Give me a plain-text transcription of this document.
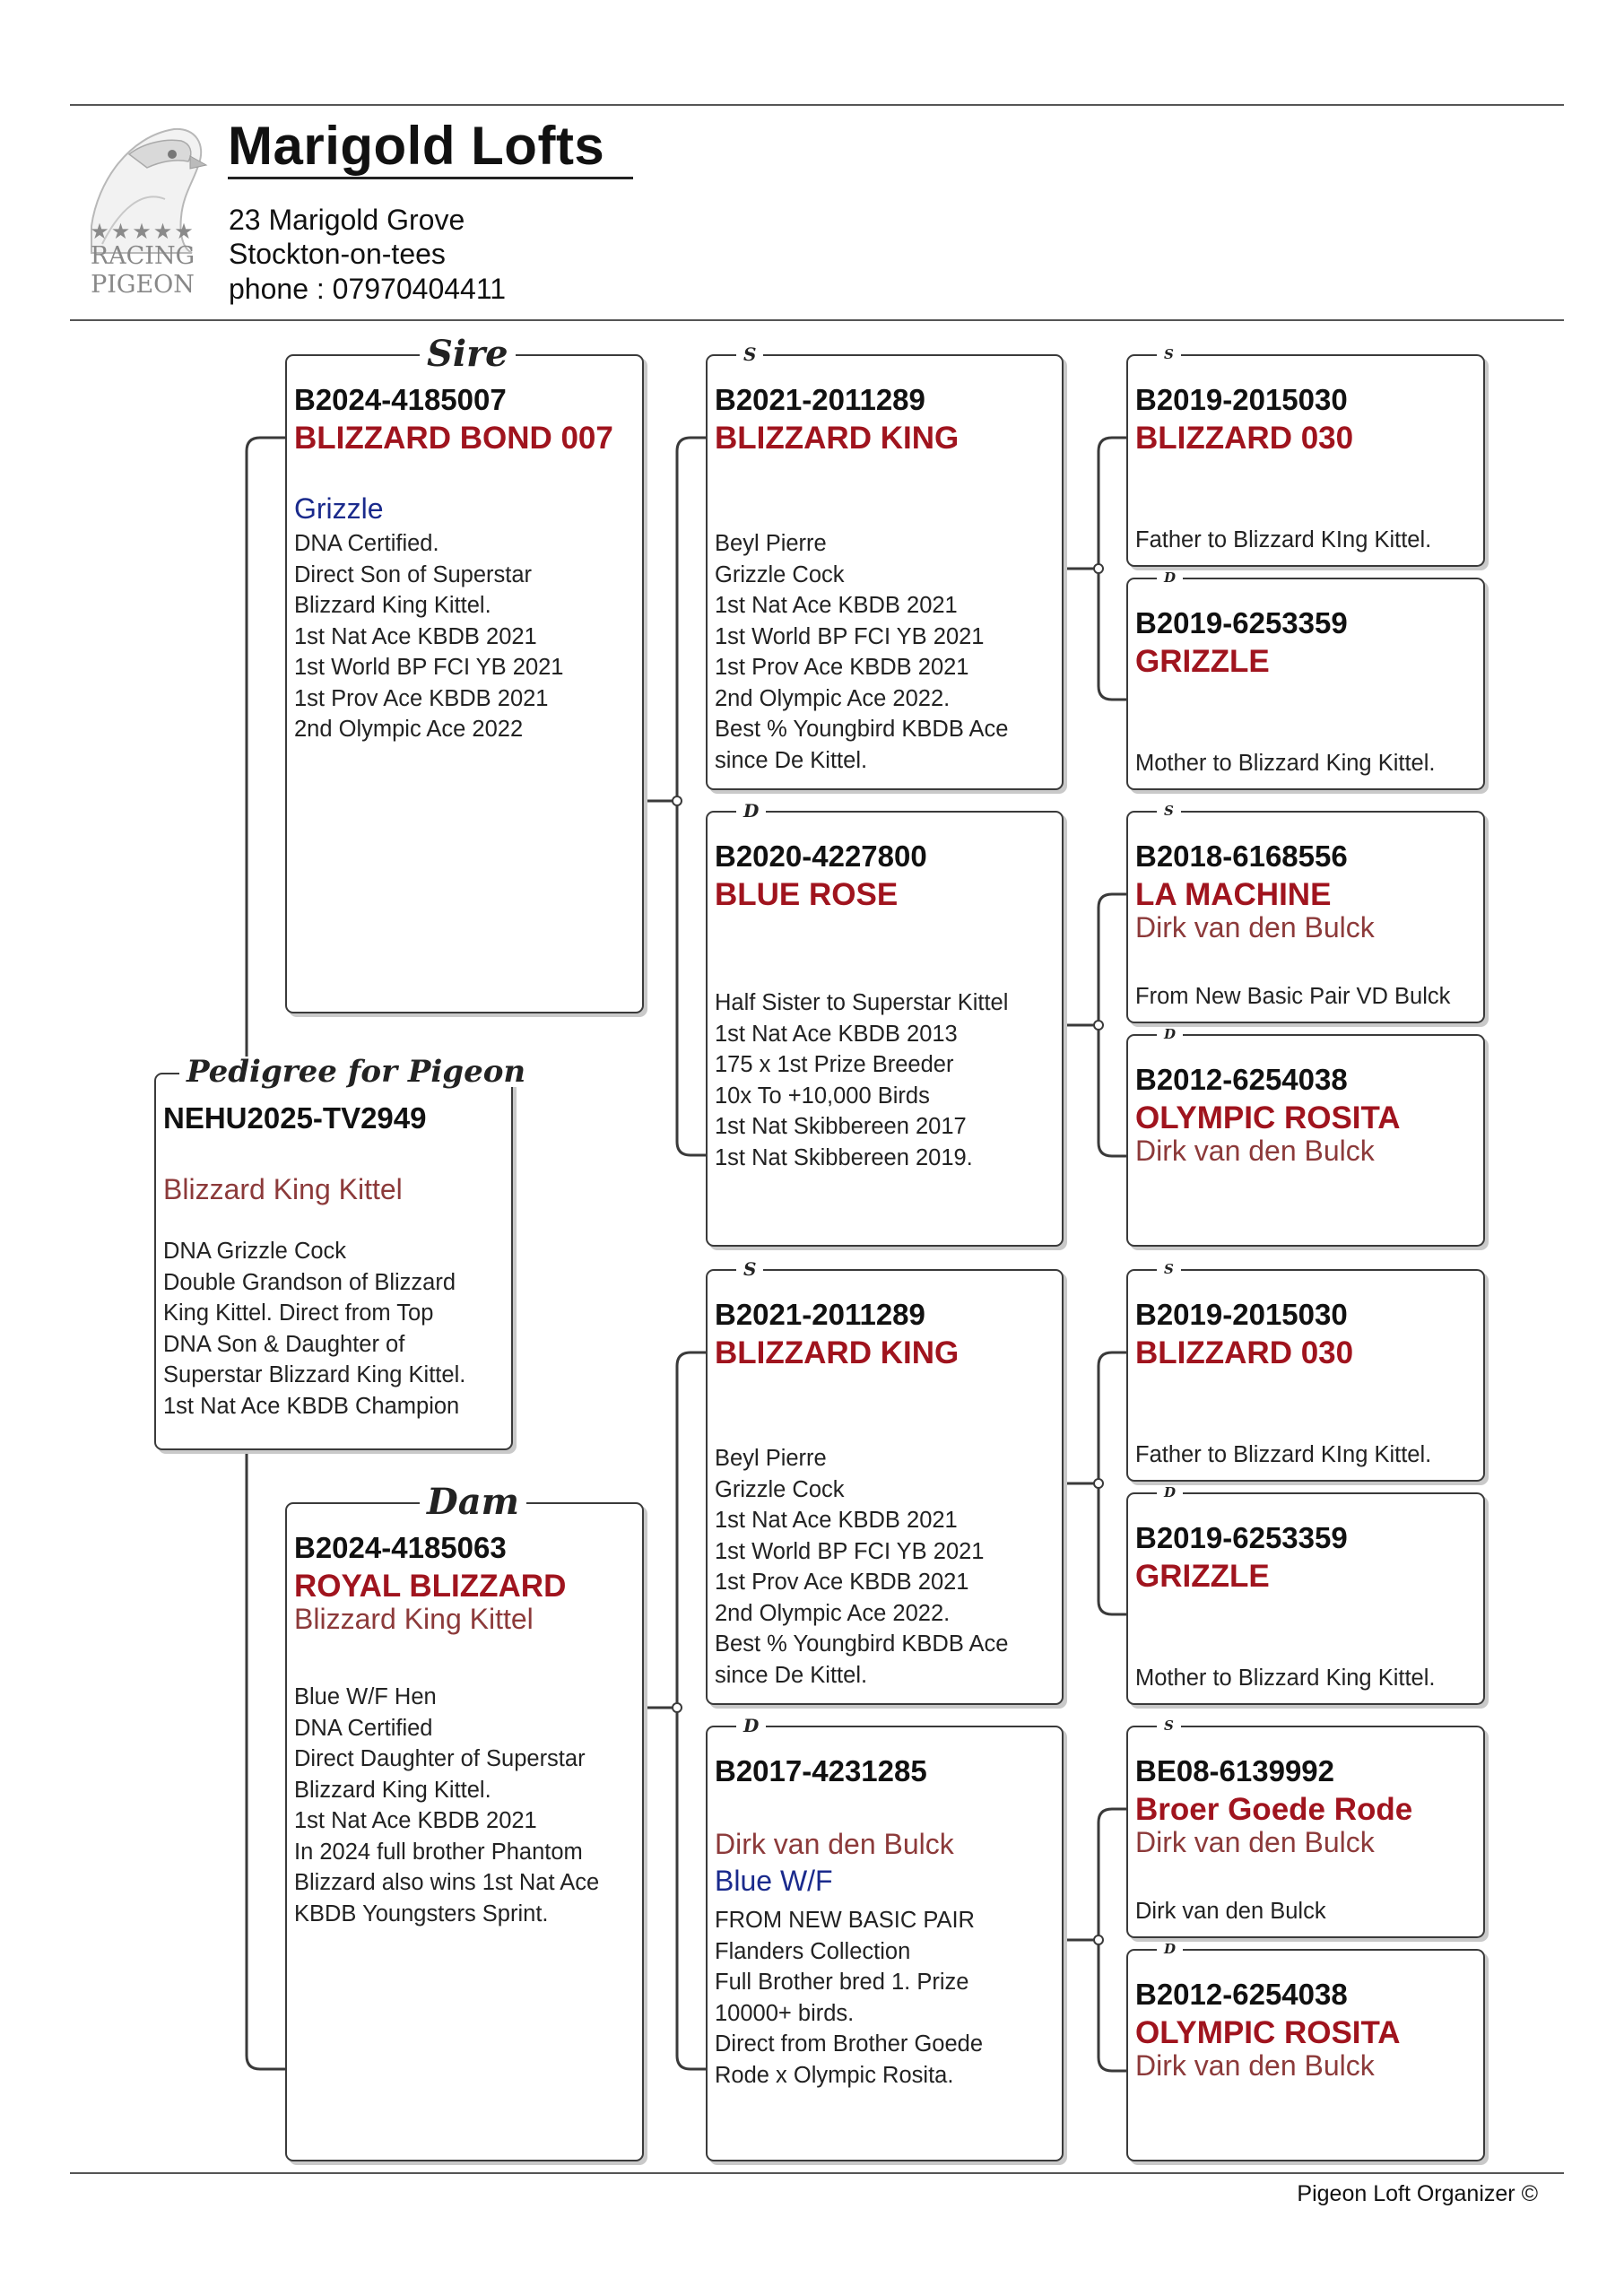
★★★★★
RACING
PIGEON
Marigold Lofts
23 Marigold Grove
Stockton-on-tees
phone : 07970404411
Pedigree for Pigeon
NEHU2025-TV2949
Blizzard King Kittel
DNA Grizzle Cock
Double Grandson of Blizzard
King Kittel. Direct from Top
DNA Son & Daughter of
Superstar Blizzard King Kittel.
1st Nat Ace KBDB Champion
Sire
B2024-4185007
BLIZZARD BOND 007
Grizzle
DNA Certified.
Direct Son of Superstar
Blizzard King Kittel.
1st Nat Ace KBDB 2021
1st World BP FCI YB 2021
1st Prov Ace KBDB 2021
2nd Olympic Ace 2022
Dam
B2024-4185063
ROYAL BLIZZARD
Blizzard King Kittel
Blue W/F Hen
DNA Certified
Direct Daughter of Superstar
Blizzard King Kittel.
1st Nat Ace KBDB 2021
In 2024 full brother Phantom
Blizzard also wins 1st Nat Ace
KBDB Youngsters Sprint.
S
B2021-2011289
BLIZZARD KING
Beyl Pierre
Grizzle Cock
1st Nat Ace KBDB 2021
1st World BP FCI YB 2021
1st Prov Ace KBDB 2021
2nd Olympic Ace 2022.
Best % Youngbird KBDB Ace
since De Kittel.
D
B2020-4227800
BLUE ROSE
Half Sister to Superstar Kittel
1st Nat Ace KBDB 2013
175 x 1st Prize Breeder
10x To +10,000 Birds
1st Nat Skibbereen 2017
1st Nat Skibbereen 2019.
S
B2021-2011289
BLIZZARD KING
Beyl Pierre
Grizzle Cock
1st Nat Ace KBDB 2021
1st World BP FCI YB 2021
1st Prov Ace KBDB 2021
2nd Olympic Ace 2022.
Best % Youngbird KBDB Ace
since De Kittel.
D
B2017-4231285
Dirk van den Bulck
Blue W/F
FROM NEW BASIC PAIR
Flanders Collection
Full Brother bred 1. Prize
10000+ birds.
Direct from Brother Goede
Rode x Olympic Rosita.
S
B2019-2015030
BLIZZARD 030
Father to Blizzard KIng Kittel.
D
B2019-6253359
GRIZZLE
Mother to Blizzard King Kittel.
S
B2018-6168556
LA MACHINE
Dirk van den Bulck
From New Basic Pair VD Bulck
D
B2012-6254038
OLYMPIC ROSITA
Dirk van den Bulck
S
B2019-2015030
BLIZZARD 030
Father to Blizzard KIng Kittel.
D
B2019-6253359
GRIZZLE
Mother to Blizzard King Kittel.
S
BE08-6139992
Broer Goede Rode
Dirk van den Bulck
Dirk van den Bulck
D
B2012-6254038
OLYMPIC ROSITA
Dirk van den Bulck
Pigeon Loft Organizer ©
